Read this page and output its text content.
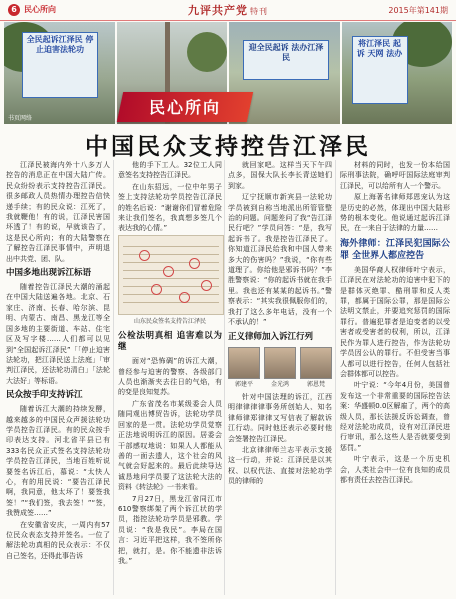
6 民心所向	九评共产党 特刊	2015年第141期
全民起诉江泽民 停止迫害法轮功
书页网络
迎全民起诉 法办江泽民
将江泽民 起诉 天网 法办
民心所向
中国民众支持控告江泽民

江泽民被海内外十八多万人控告的消息正在中国大陆广传。民众纷纷表示支持控告江泽民。很多邮政人员热情办理控告信快递手续；有的民众说：江死了，我就鞭他！有的说，江泽民害国坏透了！有的说，早就该告了，这是民心所向；有的大陆警察在了解控告江泽民事情中，声明退出中共党、团、队。

中国多地出现诉江标语

随着控告江泽民大潮的涌起在中国大陆送遍各地。北京、石家庄、济南、长春、哈尔滨、昆明、内蒙古、南昌、黑龙江等全国多地的主要街道、车站、住宅区及写字楼……人们都可以见到“全国起诉江泽民”「「停止迫害法轮功，把江泽民送上法庭」「审判江泽民，还法轮功清白」「法轮大法好」等标语。

民众按手印支持诉江

随着诉江大潮的持续发酵，越来越多的中国民众声援法轮功学员控告江泽民。有的民众按手印表达支持。河北省平县已有333名民众正式签名支持法轮功学员控告江泽民，当地百姓听说要签名诉江后，慕说：“太快人心，有的用民说：“要告江泽民啊，我同意，他太坏了！要签我签！”“我们签，我去签！”“签，我赞成签……”

在安徽省安庆，一周内有57位民众表态支持并签名。一位了解法轮功真相的民众表示：不仅自己签名，还得此事告诉

他的手下工人。32位工人同意签名支持控告江泽民。

在山东招远，一位中年男子签上支持法轮功学员控告江泽民的姓名后说：“谢谢你们冒着危险来让我们签名，我真想多签几个表达我的心情。”

山东民众签名支持告江泽民
公检法明真相 追害难以为继

面对“恐怖碉”的诉江大潮，曾经参与迫害的警察、各级部门人员也渐渐夹去往日的气焰，有的变是良知复苏。

广东省茂名市某级委会人员随同观出博贸告诉，法轮功学员回家的是一贯。法轮功学员觉察正法地说明诉江的原因。居委会干部感叹地说：如果人人都能从善的一面去遗人，这个社会的风气就会好起来的。最后此续导达诚恳地问学员要了这法轮大法的资料《转法轮》一书来看。

7月27日，黑龙江省同江市610警察绑架了两个诉江状的学员，指控法轮功学员是邪教。学员说：“我是我民”。李局在国言：习近平把这样，我不签所你把，就打，是。你不能遗非法诉我。”

就回家吧。这样当天下午四点多，国保大队长李长青送她们到家。

辽宁抚顺市新宾县一法轮功学员被到自称当地派出所管管整治的问题。问题差问了我“告江泽民行吧？”学员问答：“是，我写起诉书了。我是控告江泽民了。你知道江泽民给我和中国人带来多大的伤害吗？”我说，“你有些道理了。你给他是邪诉书吗？”李胜警察说：“你的起诉书就在我手里。我也还有某某的起诉书。”警察表示：“其实我很佩服你们的，我打了这么多年电话，没有一个不承认的！”

正义律师加入诉江行列
郭建平	金光鸿	郭恩梵

针对中国法理的诉江，江西明律律律律事务所创始人、知名律师律郑律律又写信表了解款诉江行动。同时他还表示必要时他会签署控告江泽民。

北京律律师兰志平表示支援这一行动，并说：江泽民是以其权、以权代法、直接对法轮功学员的律师的

材料的同时，也发一份本给国际刑事法院，确呼吁国际法庭审判江泽民，可以给所有人一个警示。

原上海著名律师郑恩宠认为这是历史的必然，体现出中国大陆形势的根本变化。他说通过起诉江泽民，在一来自于法律的力量……

海外律师：江泽民犯国际公罪 全世界人都应控告

美国华裔人权律师叶宁表示，江泽民在对法轮功的迫害中犯下的是群体灭绝罪、酷刑罪和反人类罪，都属于国际公罪，那是国际公法明文禁止，并要追究惩罚的国际罪行。普遍犯罪者是迫变者的以受害者或受害者的权利，所以，江泽民作为罪人进行控告，作为法轮功学员因公认的罪行。不但受害当事人都可以进行控告，任何人包括社会群体都可以控告。

叶宁说：“今年4月份，美国曾发布这一个非常重要的国际控告法案：华盛顿0.0区解雇了，两个的高级人员，那长法援反诉讼调查，曾经对法轮功成员，设有对江泽民进行审讯，那么这些人是否就要受到惩罚。”

叶宁表示，这是一个历史机会，人类社会中一位有良知的成员都有责任去控告江泽民。
